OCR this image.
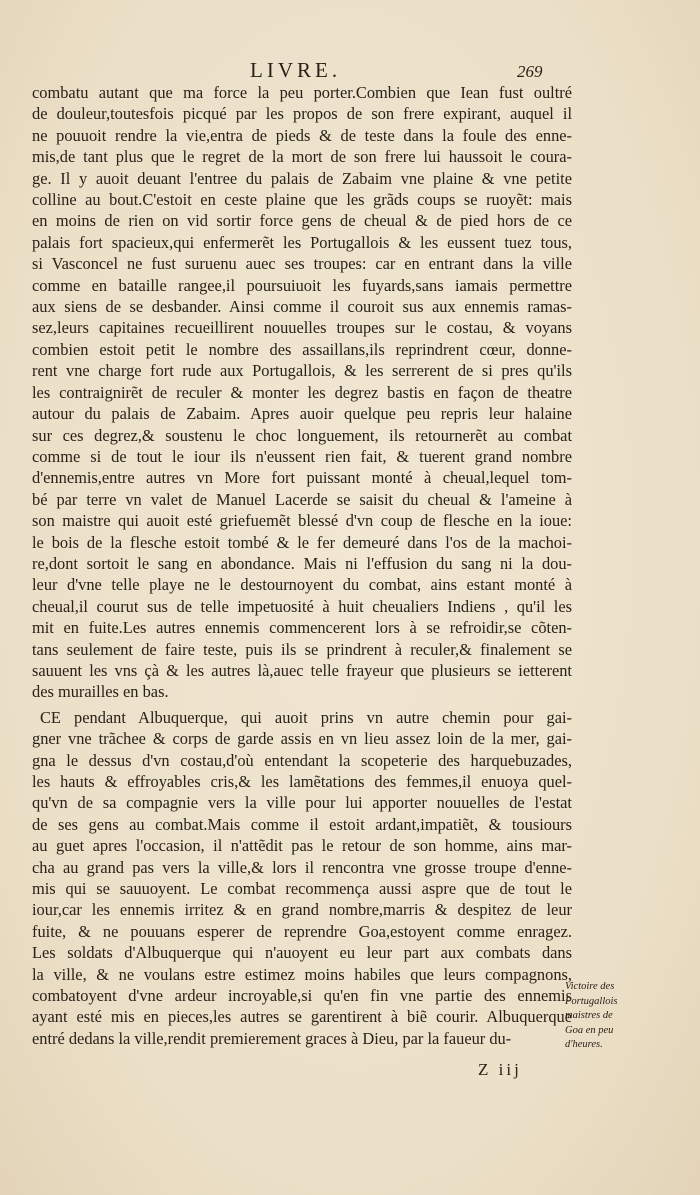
LIVRE.	269
combatu autant que ma force la peu porter.Combien que Iean fust oultré
de douleur,toutesfois picqué par les propos de son frere expirant, auquel il
ne pouuoit rendre la vie,entra de pieds & de teste dans la foule des enne-
mis,de tant plus que le regret de la mort de son frere lui haussoit le coura-
ge. Il y auoit deuant l'entree du palais de Zabaim vne plaine & vne petite
colline au bout.C'estoit en ceste plaine que les grãds coups se ruoyẽt: mais
en moins de rien on vid sortir force gens de cheual & de pied hors de ce
palais fort spacieux,qui enfermerẽt les Portugallois & les eussent tuez tous,
si Vasconcel ne fust suruenu auec ses troupes: car en entrant dans la ville
comme en bataille rangee,il poursuiuoit les fuyards,sans iamais permettre
aux siens de se desbander. Ainsi comme il couroit sus aux ennemis ramas-
sez,leurs capitaines recueillirent nouuelles troupes sur le costau, & voyans
combien estoit petit le nombre des assaillans,ils reprindrent cœur, donne-
rent vne charge fort rude aux Portugallois, & les serrerent de si pres qu'ils
les contraignirẽt de reculer & monter les degrez bastis en façon de theatre
autour du palais de Zabaim. Apres auoir quelque peu repris leur halaine
sur ces degrez,& soustenu le choc longuement, ils retournerẽt au combat
comme si de tout le iour ils n'eussent rien fait, & tuerent grand nombre
d'ennemis,entre autres vn More fort puissant monté à cheual,lequel tom-
bé par terre vn valet de Manuel Lacerde se saisit du cheual & l'ameine à
son maistre qui auoit esté griefuemẽt blessé d'vn coup de flesche en la ioue:
le bois de la flesche estoit tombé & le fer demeuré dans l'os de la machoi-
re,dont sortoit le sang en abondance. Mais ni l'effusion du sang ni la dou-
leur d'vne telle playe ne le destournoyent du combat, ains estant monté à
cheual,il courut sus de telle impetuosité à huit cheualiers Indiens , qu'il les
mit en fuite.Les autres ennemis commencerent lors à se refroidir,se cõten-
tans seulement de faire teste, puis ils se prindrent à reculer,& finalement se
sauuent les vns çà & les autres là,auec telle frayeur que plusieurs se ietterent
des murailles en bas.
CE pendant Albuquerque, qui auoit prins vn autre chemin pour gai-
gner vne trãchee & corps de garde assis en vn lieu assez loin de la mer, gai-
gna le dessus d'vn costau,d'où entendant la scopeterie des harquebuzades,
les hauts & effroyables cris,& les lamẽtations des femmes,il enuoya quel-
qu'vn de sa compagnie vers la ville pour lui apporter nouuelles de l'estat
de ses gens au combat.Mais comme il estoit ardant,impatiẽt, & tousiours
au guet apres l'occasion, il n'attẽdit pas le retour de son homme, ains mar-
cha au grand pas vers la ville,& lors il rencontra vne grosse troupe d'enne-
mis qui se sauuoyent. Le combat recommença aussi aspre que de tout le
iour,car les ennemis irritez & en grand nombre,marris & despitez de leur
fuite, & ne pouuans esperer de reprendre Goa,estoyent comme enragez.
Les soldats d'Albuquerque qui n'auoyent eu leur part aux combats dans
la ville, & ne voulans estre estimez moins habiles que leurs compagnons,
combatoyent d'vne ardeur incroyable,si qu'en fin vne partie des ennemis
ayant esté mis en pieces,les autres se garentirent à biẽ courir. Albuquerque
entré dedans la ville,rendit premierement graces à Dieu, par la faueur du-
Victoire des
Portugallois
maistres de
Goa en peu
d'heures.
Z iij
